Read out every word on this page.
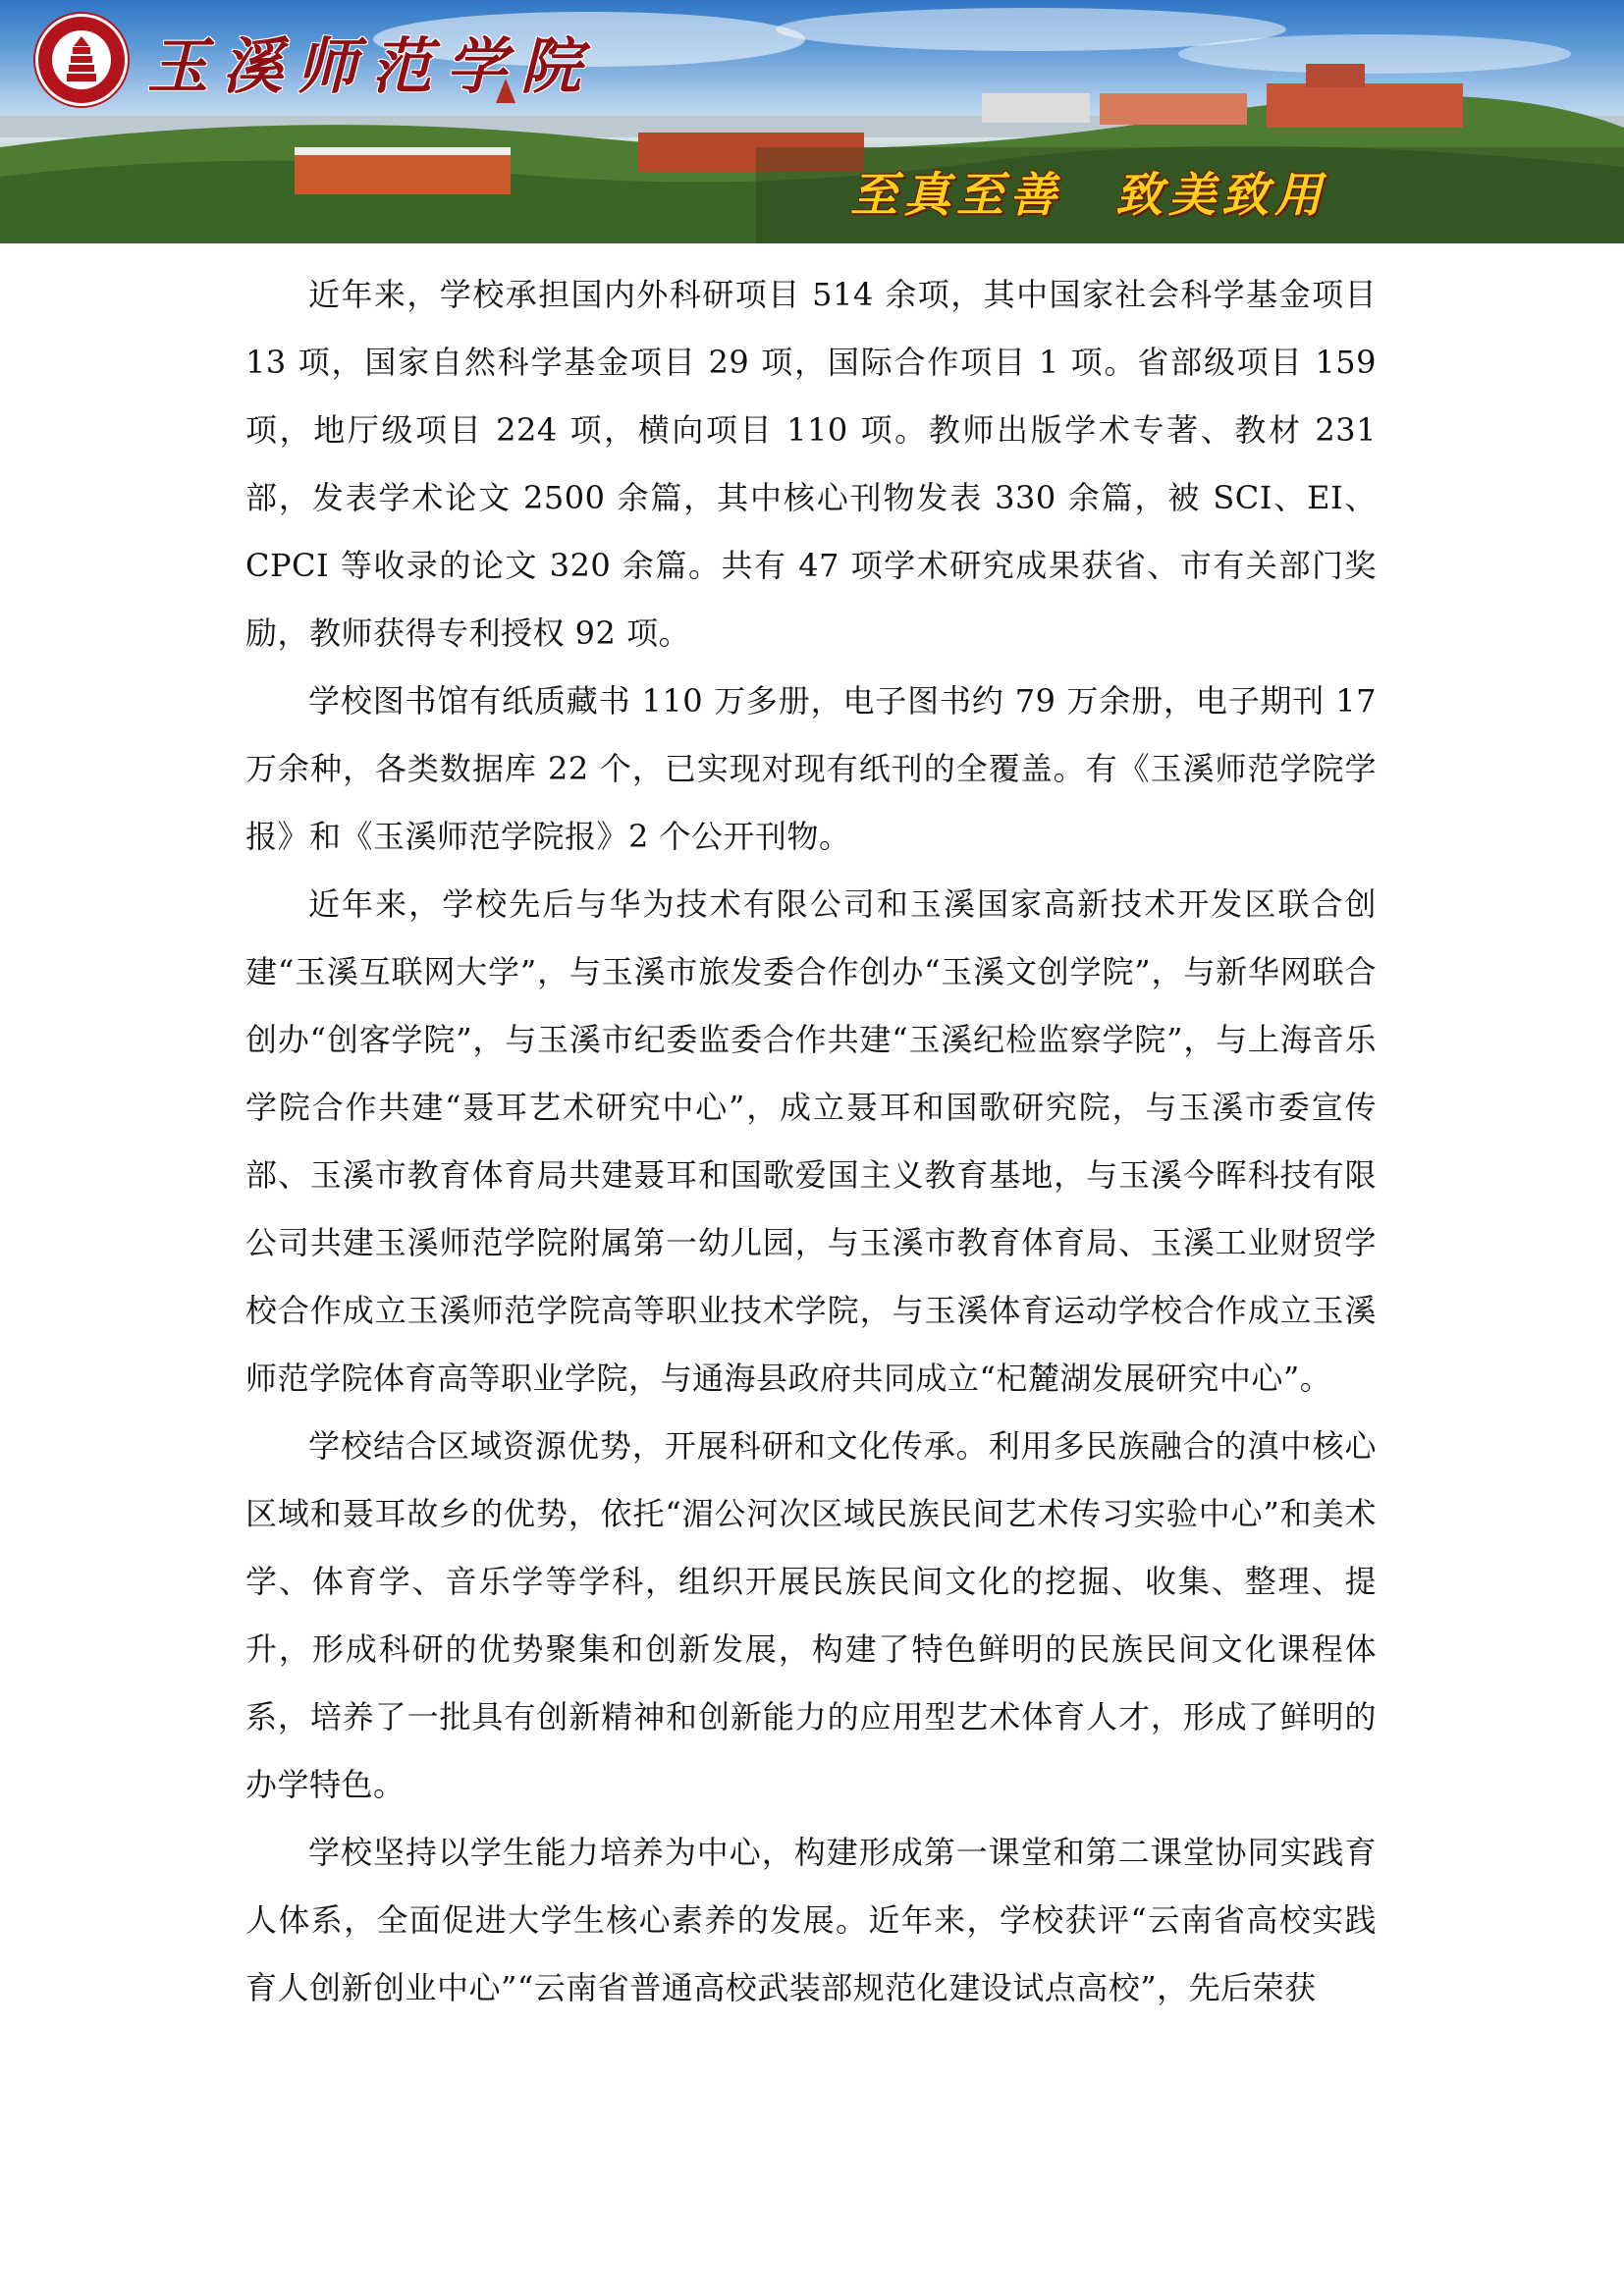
玉溪师范学院
至真至善　致美致用

近年来，学校承担国内外科研项目 514 余项，其中国家社会科学基金项目 13 项，国家自然科学基金项目 29 项，国际合作项目 1 项。省部级项目 159 项，地厅级项目 224 项，横向项目 110 项。教师出版学术专著、教材 231 部，发表学术论文 2500 余篇，其中核心刊物发表 330 余篇，被 SCI、EI、CPCI 等收录的论文 320 余篇。共有 47 项学术研究成果获省、市有关部门奖励，教师获得专利授权 92 项。

学校图书馆有纸质藏书 110 万多册，电子图书约 79 万余册，电子期刊 17 万余种，各类数据库 22 个，已实现对现有纸刊的全覆盖。有《玉溪师范学院学报》和《玉溪师范学院报》2 个公开刊物。

近年来，学校先后与华为技术有限公司和玉溪国家高新技术开发区联合创建“玉溪互联网大学”，与玉溪市旅发委合作创办“玉溪文创学院”，与新华网联合创办“创客学院”，与玉溪市纪委监委合作共建“玉溪纪检监察学院”，与上海音乐学院合作共建“聂耳艺术研究中心”，成立聂耳和国歌研究院，与玉溪市委宣传部、玉溪市教育体育局共建聂耳和国歌爱国主义教育基地，与玉溪今晖科技有限公司共建玉溪师范学院附属第一幼儿园，与玉溪市教育体育局、玉溪工业财贸学校合作成立玉溪师范学院高等职业技术学院，与玉溪体育运动学校合作成立玉溪师范学院体育高等职业学院，与通海县政府共同成立“杞麓湖发展研究中心”。

学校结合区域资源优势，开展科研和文化传承。利用多民族融合的滇中核心区域和聂耳故乡的优势，依托“湄公河次区域民族民间艺术传习实验中心”和美术学、体育学、音乐学等学科，组织开展民族民间文化的挖掘、收集、整理、提升，形成科研的优势聚集和创新发展，构建了特色鲜明的民族民间文化课程体系，培养了一批具有创新精神和创新能力的应用型艺术体育人才，形成了鲜明的办学特色。

学校坚持以学生能力培养为中心，构建形成第一课堂和第二课堂协同实践育人体系，全面促进大学生核心素养的发展。近年来，学校获评“云南省高校实践育人创新创业中心”“云南省普通高校武装部规范化建设试点高校”，先后荣获
